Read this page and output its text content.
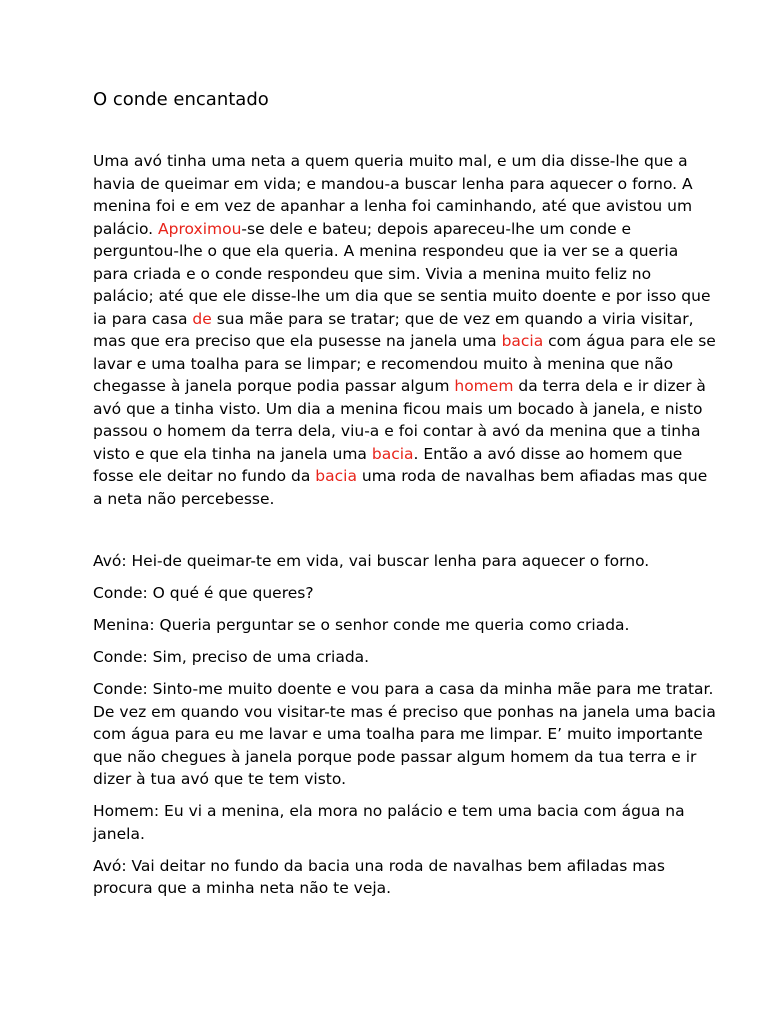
O conde encantado

Uma avó tinha uma neta a quem queria muito mal, e um dia disse-lhe que a
havia de queimar em vida; e mandou-a buscar lenha para aquecer o forno. A
menina foi e em vez de apanhar a lenha foi caminhando, até que avistou um
palácio. Aproximou-se dele e bateu; depois apareceu-lhe um conde e
perguntou-lhe o que ela queria. A menina respondeu que ia ver se a queria
para criada e o conde respondeu que sim. Vivia a menina muito feliz no
palácio; até que ele disse-lhe um dia que se sentia muito doente e por isso que
ia para casa de sua mãe para se tratar; que de vez em quando a viria visitar,
mas que era preciso que ela pusesse na janela uma bacia com água para ele se
lavar e uma toalha para se limpar; e recomendou muito à menina que não
chegasse à janela porque podia passar algum homem da terra dela e ir dizer à
avó que a tinha visto. Um dia a menina ficou mais um bocado à janela, e nisto
passou o homem da terra dela, viu-a e foi contar à avó da menina que a tinha
visto e que ela tinha na janela uma bacia. Então a avó disse ao homem que
fosse ele deitar no fundo da bacia uma roda de navalhas bem afiadas mas que
a neta não percebesse.

Avó: Hei-de queimar-te em vida, vai buscar lenha para aquecer o forno.

Conde: O qué é que queres?

Menina: Queria perguntar se o senhor conde me queria como criada.

Conde: Sim, preciso de uma criada.

Conde: Sinto-me muito doente e vou para a casa da minha mãe para me tratar.
De vez em quando vou visitar-te mas é preciso que ponhas na janela uma bacia
com água para eu me lavar e uma toalha para me limpar. E’ muito importante
que não chegues à janela porque pode passar algum homem da tua terra e ir
dizer à tua avó que te tem visto.

Homem: Eu vi a menina, ela mora no palácio e tem uma bacia com água na
janela.

Avó: Vai deitar no fundo da bacia una roda de navalhas bem afiladas mas
procura que a minha neta não te veja.
